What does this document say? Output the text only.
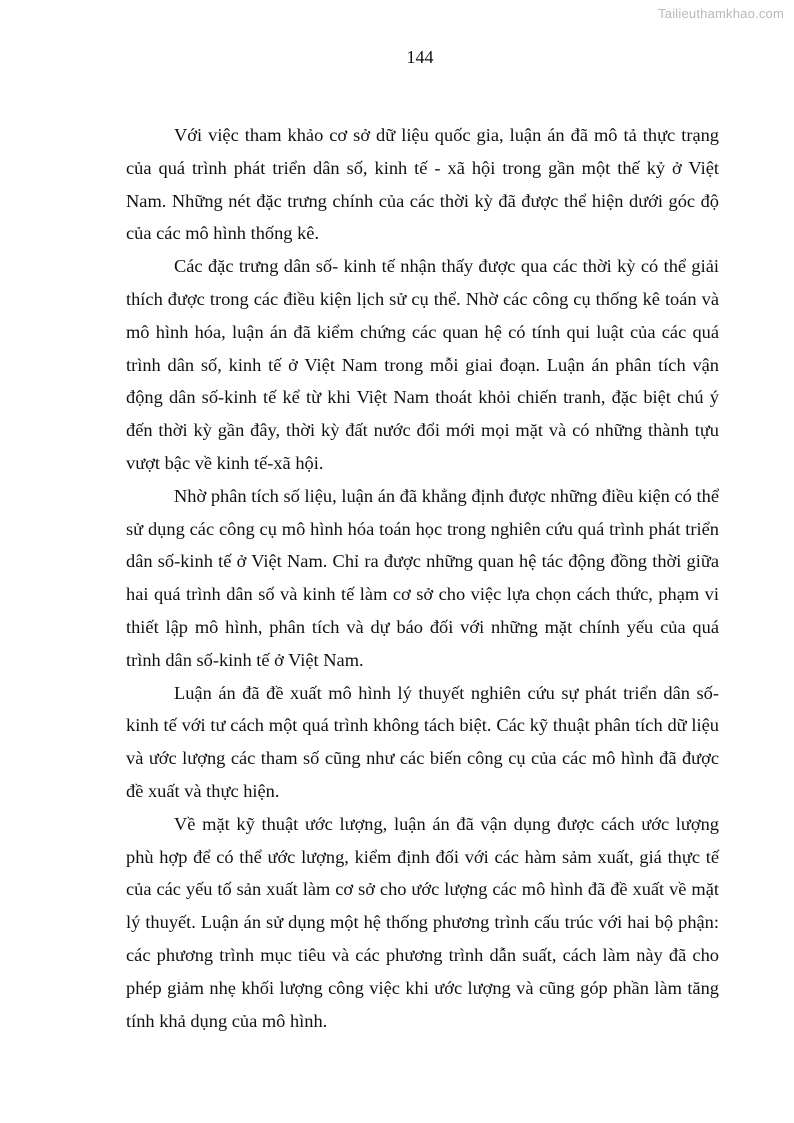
Tailieuthamkhao.com
144

Với việc tham khảo cơ sở dữ liệu quốc gia, luận án đã mô tả thực trạng của quá trình phát triển dân số, kinh tế - xã hội trong gần một thế kỷ ở Việt Nam. Những nét đặc trưng chính của các thời kỳ đã được thể hiện dưới góc độ của các mô hình thống kê.

Các đặc trưng dân số- kinh tế nhận thấy được qua các thời kỳ có thể giải thích được trong các điều kiện lịch sử cụ thể. Nhờ các công cụ thống kê toán và mô hình hóa, luận án đã kiểm chứng các quan hệ có tính qui luật của các quá trình dân số, kinh tế ở Việt Nam trong mỗi giai đoạn. Luận án phân tích vận động dân số-kinh tế kể từ khi Việt Nam thoát khỏi chiến tranh, đặc biệt chú ý đến thời kỳ gần đây, thời kỳ đất nước đổi mới mọi mặt và có những thành tựu vượt bậc về kinh tế-xã hội.

Nhờ phân tích số liệu, luận án đã khẳng định được những điều kiện có thể sử dụng các công cụ mô hình hóa toán học trong nghiên cứu quá trình phát triển dân số-kinh tế ở Việt Nam. Chỉ ra được những quan hệ tác động đồng thời giữa hai quá trình dân số và kinh tế làm cơ sở cho việc lựa chọn cách thức, phạm vi thiết lập mô hình, phân tích và dự báo đối với những mặt chính yếu của quá trình dân số-kinh tế ở Việt Nam.

Luận án đã đề xuất mô hình lý thuyết nghiên cứu sự phát triển dân số-kinh tế với tư cách một quá trình không tách biệt. Các kỹ thuật phân tích dữ liệu và ước lượng các tham số cũng như các biến công cụ của các mô hình đã được đề xuất và thực hiện.

Về mặt kỹ thuật ước lượng, luận án đã vận dụng được cách ước lượng phù hợp để có thể ước lượng, kiểm định đối với các hàm sảm xuất, giá thực tế của các yếu tố sản xuất làm cơ sở cho ước lượng các mô hình đã đề xuất về mặt lý thuyết. Luận án sử dụng một hệ thống phương trình cấu trúc với hai bộ phận: các phương trình mục tiêu và các phương trình dẫn suất, cách làm này đã cho phép giảm nhẹ khối lượng công việc khi ước lượng và cũng góp phần làm tăng tính khả dụng của mô hình.
